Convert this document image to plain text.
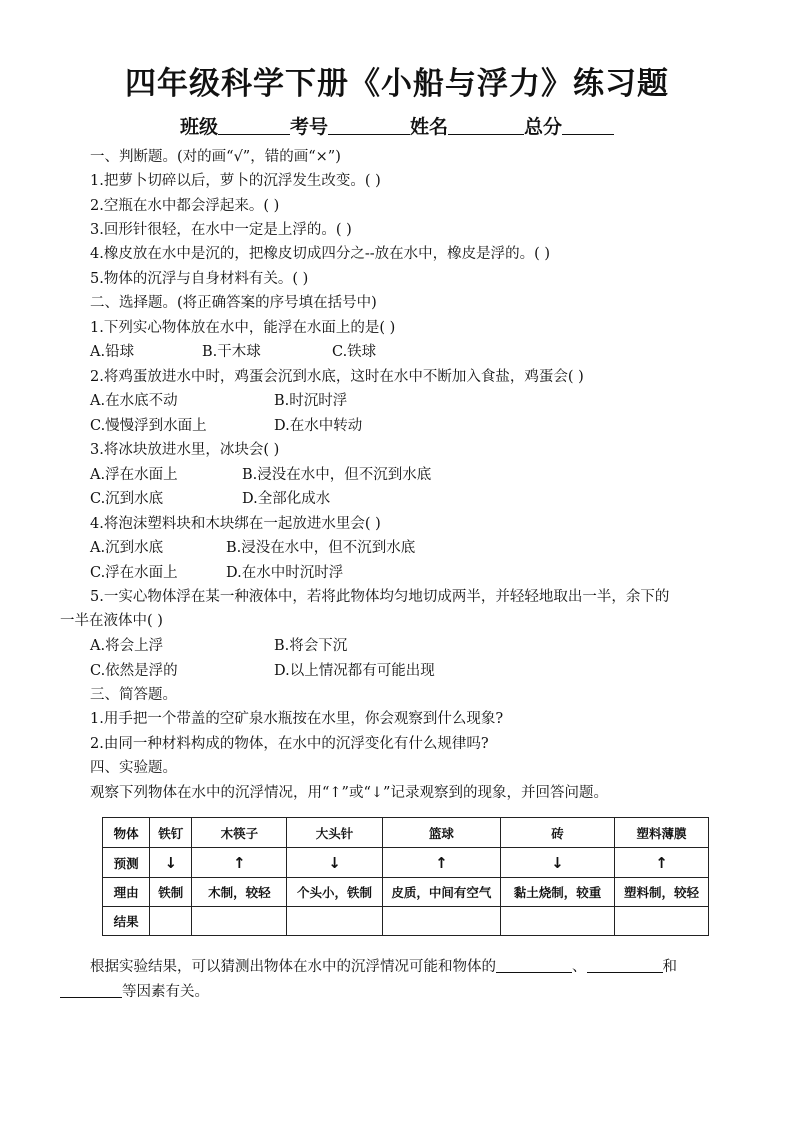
四年级科学下册《小船与浮力》练习题
班级	考号	姓名	总分
一、判断题。(对的画“√”，错的画“×”)
1.把萝卜切碎以后，萝卜的沉浮发生改变。( )
2.空瓶在水中都会浮起来。( )
3.回形针很轻，在水中一定是上浮的。( )
4.橡皮放在水中是沉的，把橡皮切成四分之--放在水中，橡皮是浮的。( )
5.物体的沉浮与自身材料有关。( )
二、选择题。(将正确答案的序号填在括号中)
1.下列实心物体放在水中，能浮在水面上的是( )
A.铅球	B.干木球	C.铁球
2.将鸡蛋放进水中时，鸡蛋会沉到水底，这时在水中不断加入食盐，鸡蛋会( )
A.在水底不动	B.时沉时浮
C.慢慢浮到水面上	D.在水中转动
3.将冰块放进水里，冰块会( )
A.浮在水面上	B.浸没在水中，但不沉到水底
C.沉到水底	D.全部化成水
4.将泡沫塑料块和木块绑在一起放进水里会( )
A.沉到水底	B.浸没在水中，但不沉到水底
C.浮在水面上	D.在水中时沉时浮
5.一实心物体浮在某一种液体中，若将此物体均匀地切成两半，并轻轻地取出一半，余下的
一半在液体中( )
A.将会上浮	B.将会下沉
C.依然是浮的	D.以上情况都有可能出现
三、简答题。
1.用手把一个带盖的空矿泉水瓶按在水里，你会观察到什么现象?
2.由同一种材料构成的物体，在水中的沉浮变化有什么规律吗?
四、实验题。
观察下列物体在水中的沉浮情况，用“↑”或“↓”记录观察到的现象，并回答问题。
物体	铁钉	木筷子	大头针	篮球	砖	塑料薄膜
预测	↓	↑	↓	↑	↓	↑
理由	铁制	木制，较轻	个头小，铁制	皮质，中间有空气	黏土烧制，较重	塑料制，较轻
结果						
根据实验结果，可以猜测出物体在水中的沉浮情况可能和物体的	、	和
等因素有关。
